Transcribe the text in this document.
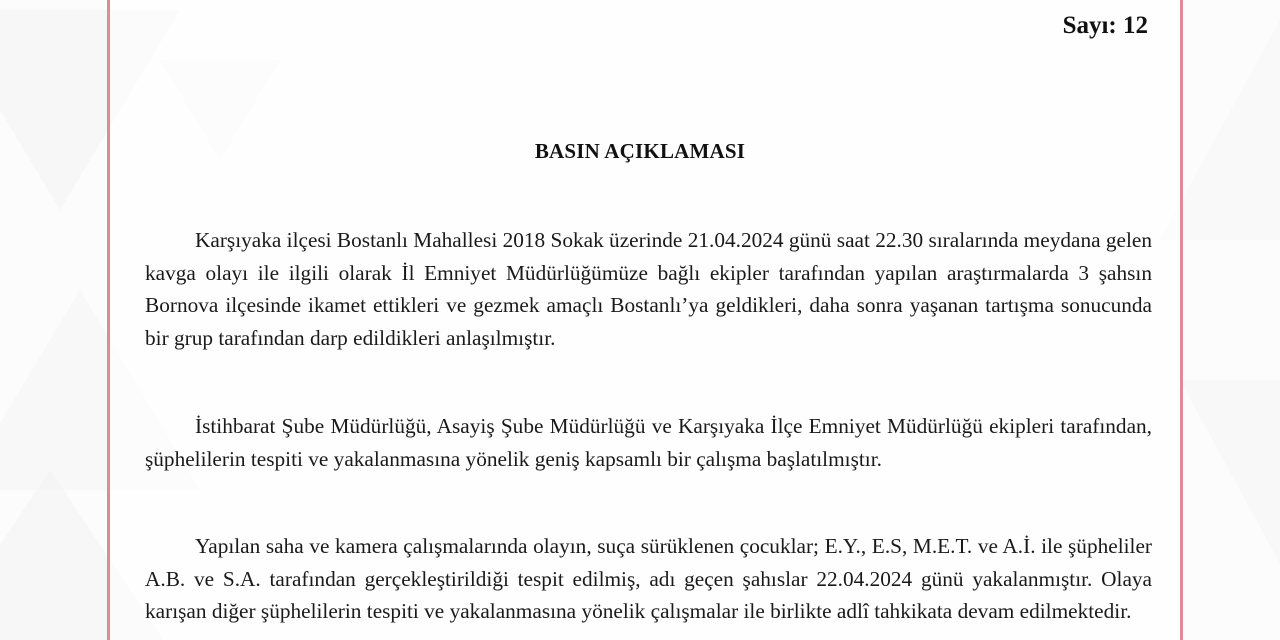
Sayı: 12
BASIN AÇIKLAMASI

Karşıyaka ilçesi Bostanlı Mahallesi 2018 Sokak üzerinde 21.04.2024 günü saat 22.30 sıralarında meydana gelen kavga olayı ile ilgili olarak İl Emniyet Müdürlüğümüze bağlı ekipler tarafından yapılan araştırmalarda 3 şahsın Bornova ilçesinde ikamet ettikleri ve gezmek amaçlı Bostanlı’ya geldikleri, daha sonra yaşanan tartışma sonucunda bir grup tarafından darp edildikleri anlaşılmıştır.

İstihbarat Şube Müdürlüğü, Asayiş Şube Müdürlüğü ve Karşıyaka İlçe Emniyet Müdürlüğü ekipleri tarafından, şüphelilerin tespiti ve yakalanmasına yönelik geniş kapsamlı bir çalışma başlatılmıştır.

Yapılan saha ve kamera çalışmalarında olayın, suça sürüklenen çocuklar; E.Y., E.S, M.E.T. ve A.İ. ile şüpheliler A.B. ve S.A. tarafından gerçekleştirildiği tespit edilmiş, adı geçen şahıslar 22.04.2024 günü yakalanmıştır. Olaya karışan diğer şüphelilerin tespiti ve yakalanmasına yönelik çalışmalar ile birlikte adlî tahkikata devam edilmektedir.
